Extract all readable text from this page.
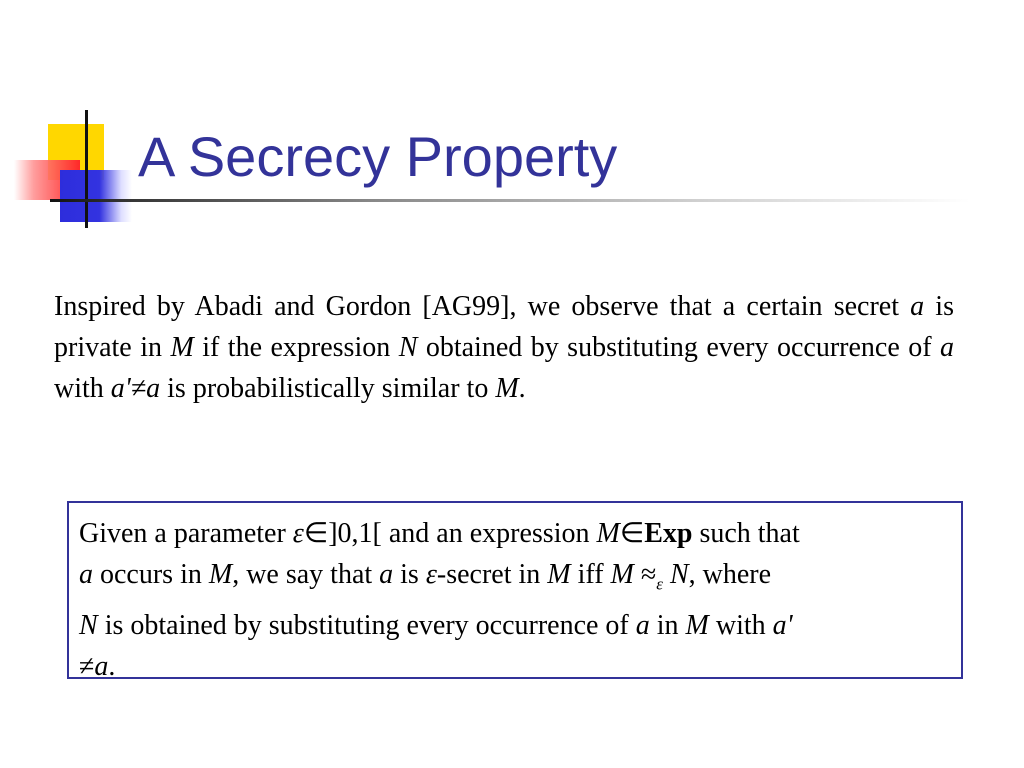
A Secrecy Property

Inspired by Abadi and Gordon [AG99], we observe that a certain secret a is private in M if the expression N obtained by substituting every occurrence of a with a'≠a is probabilistically similar to M.

Given a parameter ε∈]0,1[ and an expression M∈Exp such that
a occurs in M, we say that a is ε-secret in M iff $M \approx_\varepsilon$ N, where
N is obtained by substituting every occurrence of a in M with a'
≠a.
